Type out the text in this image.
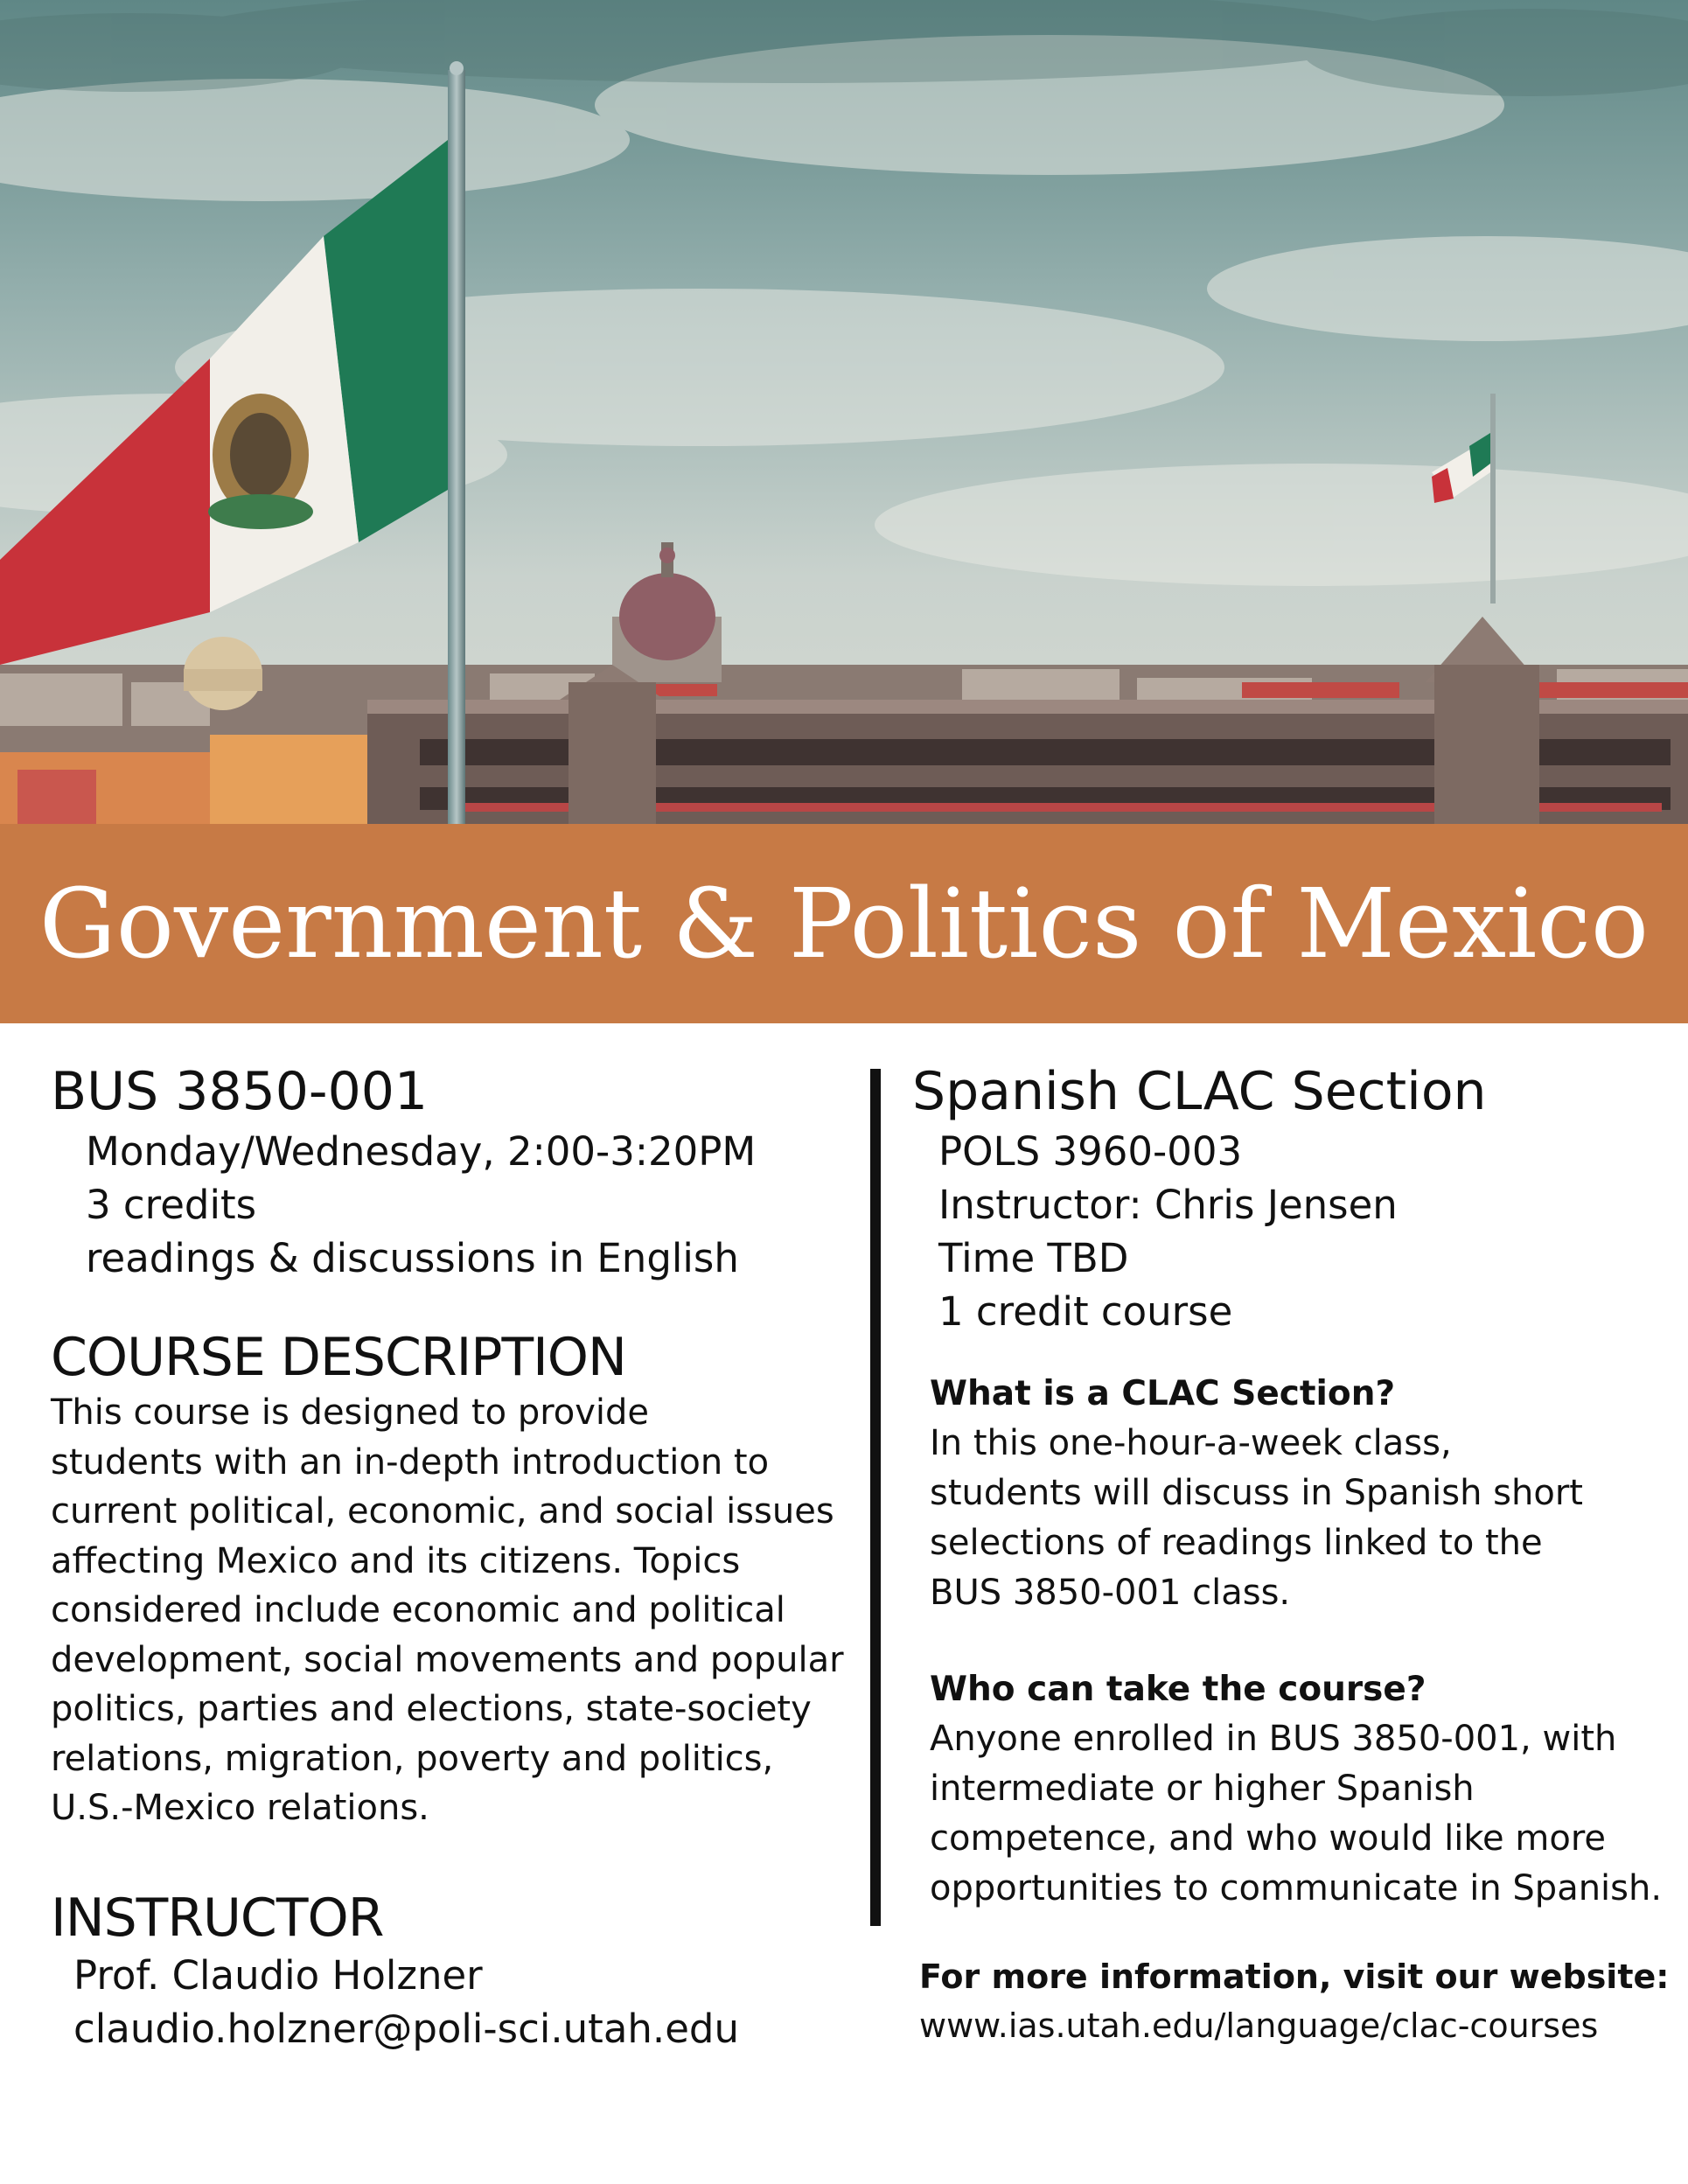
Government & Politics of Mexico
BUS 3850-001
Monday/Wednesday, 2:00-3:20PM
3 credits
readings & discussions in English
COURSE DESCRIPTION

This course is designed to provide
students with an in-depth introduction to
current political, economic, and social issues
affecting Mexico and its citizens. Topics
considered include economic and political
development, social movements and popular
politics, parties and elections, state-society
relations, migration, poverty and politics,
U.S.-Mexico relations.

INSTRUCTOR
Prof. Claudio Holzner
claudio.holzner@poli-sci.utah.edu
Spanish CLAC Section
POLS 3960-003
Instructor: Chris Jensen
Time TBD
1 credit course
What is a CLAC Section?

In this one-hour-a-week class,
students will discuss in Spanish short
selections of readings linked to the
BUS 3850-001 class.

Who can take the course?

Anyone enrolled in BUS 3850-001, with
intermediate or higher Spanish
competence, and who would like more
opportunities to communicate in Spanish.

For more information, visit our website:
www.ias.utah.edu/language/clac-courses
